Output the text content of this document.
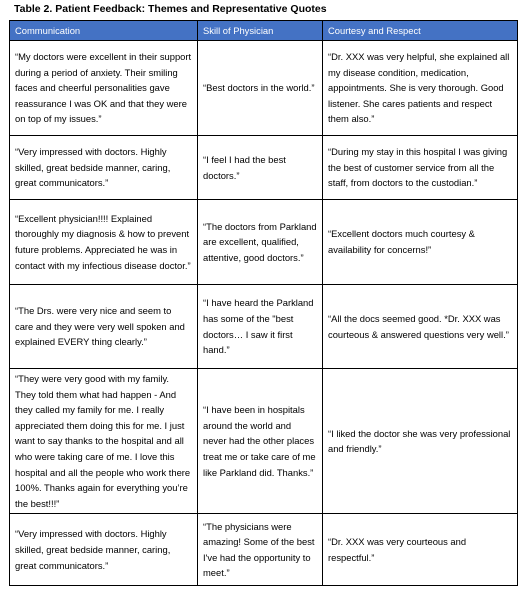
Table 2. Patient Feedback: Themes and Representative Quotes
Communication	Skill of Physician	Courtesy and Respect
“My doctors were excellent in their support during a period of anxiety. Their smiling faces and cheerful personalities gave reassurance I was OK and that they were on top of my issues.”	“Best doctors in the world.”	“Dr. XXX was very helpful, she explained all my disease condition, medication, appointments. She is very thorough. Good listener. She cares patients and respect them also.”
“Very impressed with doctors. Highly skilled, great bedside manner, caring, great communicators.”	“I feel I had the best doctors.”	“During my stay in this hospital I was giving the best of customer service from all the staff, from doctors to the custodian.”
“Excellent physician!!!! Explained thoroughly my diagnosis & how to prevent future problems. Appreciated he was in contact with my infectious disease doctor.”	“The doctors from Parkland are excellent, qualified, attentive, good doctors.”	“Excellent doctors much courtesy & availability for concerns!”
“The Drs. were very nice and seem to care and they were very well spoken and explained EVERY thing clearly.”	“I have heard the Parkland has some of the "best doctors… I saw it first hand.”	“All the docs seemed good. *Dr. XXX was courteous & answered questions very well.”
“They were very good with my family. They told them what had happen - And they called my family for me. I really appreciated them doing this for me. I just want to say thanks to the hospital and all who were taking care of me. I love this hospital and all the people who work there 100%. Thanks again for everything you’re the best!!!”	“I have been in hospitals around the world and never had the other places treat me or take care of me like Parkland did. Thanks.”	“I liked the doctor she was very professional and friendly.”
“Very impressed with doctors. Highly skilled, great bedside manner, caring, great communicators.”	“The physicians were amazing! Some of the best I've had the opportunity to meet.”	“Dr. XXX was very courteous and respectful.”
